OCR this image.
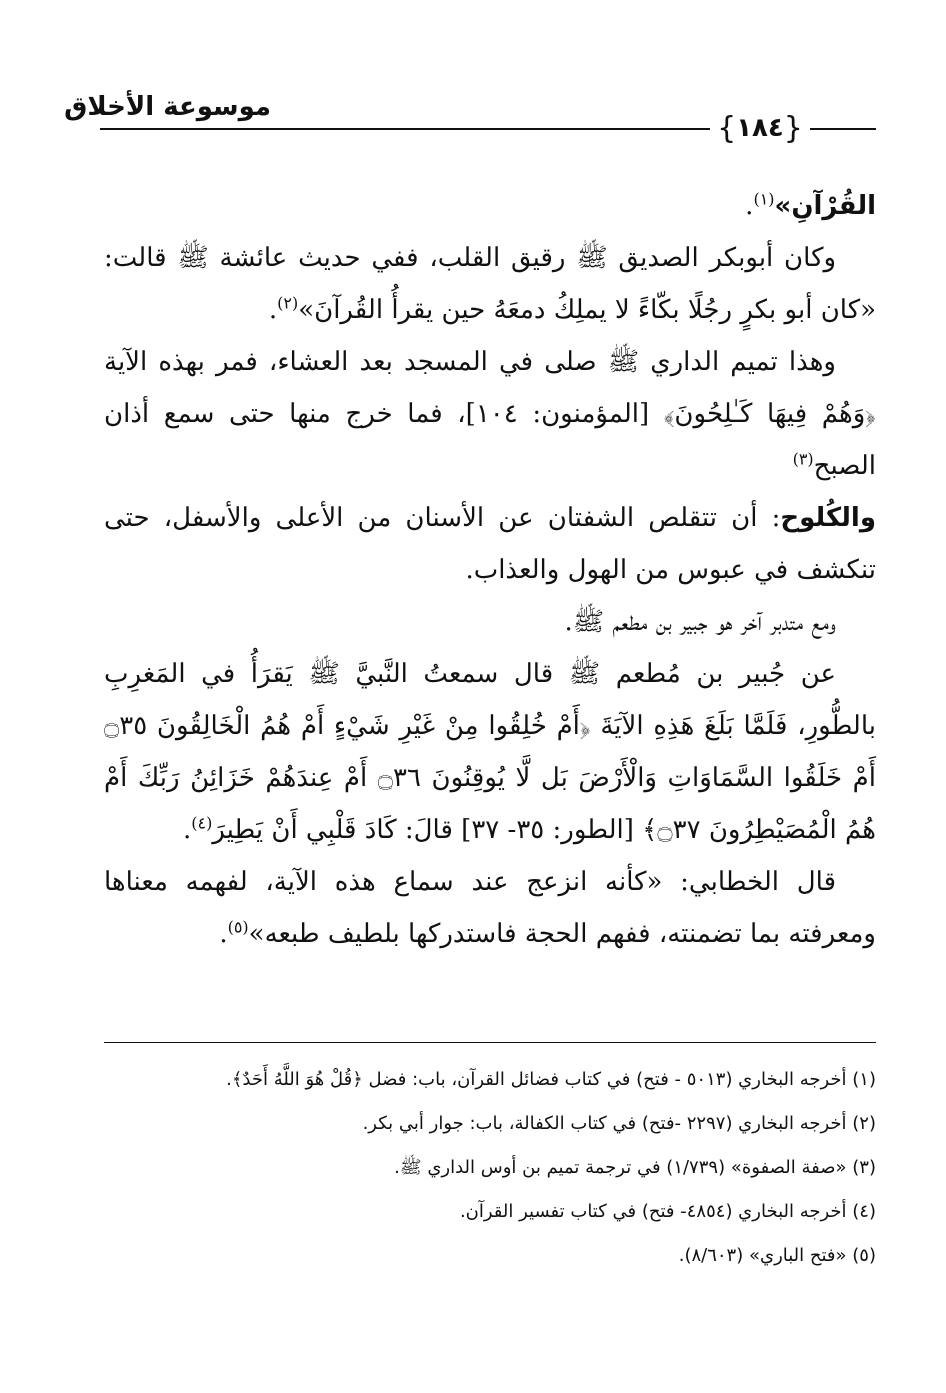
موسوعة الأخلاق
{ ١٨٤ }

القُرْآنِ»$^{(١)}$.

وكان أبوبكر الصديق ﷺ رقيق القلب، ففي حديث عائشة ﷺ قالت: «كان أبو بكرٍ رجُلًا بكّاءً لا يملِكُ دمعَهُ حين يقرأُ القُرآنَ»$^{(٢)}$.

وهذا تميم الداري ﷺ صلى في المسجد بعد العشاء، فمر بهذه الآية ﴿وَهُمْ فِيهَا كَـٰلِحُونَ﴾ [المؤمنون: ١٠٤]، فما خرج منها حتى سمع أذان الصبح$^{(٣)}$

والكُلوح: أن تتقلص الشفتان عن الأسنان من الأعلى والأسفل، حتى تنكشف في عبوس من الهول والعذاب.

ومع متدبر آخر هو جبير بن مطعم ﷺ.

عن جُبير بن مُطعم ﷺ قال سمعتُ النَّبيَّ ﷺ يَقرَأُ في المَغرِبِ بالطُّورِ، فَلَمَّا بَلَغَ هَذِهِ الآيَةَ ﴿أَمْ خُلِقُوا مِنْ غَيْرِ شَيْءٍ أَمْ هُمُ الْخَالِقُونَ ۝٣٥ أَمْ خَلَقُوا السَّمَاوَاتِ وَالْأَرْضَ بَل لَّا يُوقِنُونَ ۝٣٦ أَمْ عِندَهُمْ خَزَائِنُ رَبِّكَ أَمْ هُمُ الْمُصَيْطِرُونَ ۝٣٧﴾ [الطور: ٣٥- ٣٧] قالَ: كَادَ قَلْبِي أَنْ يَطِيرَ$^{(٤)}$.

قال الخطابي: «كأنه انزعج عند سماع هذه الآية، لفهمه معناها ومعرفته بما تضمنته، ففهم الحجة فاستدركها بلطيف طبعه»$^{(٥)}$.

(١) أخرجه البخاري (٥٠١٣ - فتح) في كتاب فضائل القرآن، باب: فضل ﴿قُلْ هُوَ اللَّهُ أَحَدٌ﴾.

(٢) أخرجه البخاري (٢٢٩٧ -فتح) في كتاب الكفالة، باب: جوار أبي بكر.

(٣) «صفة الصفوة» (١/٧٣٩) في ترجمة تميم بن أوس الداري ﷺ.

(٤) أخرجه البخاري (٤٨٥٤- فتح) في كتاب تفسير القرآن.

(٥) «فتح الباري» (٨/٦٠٣).
